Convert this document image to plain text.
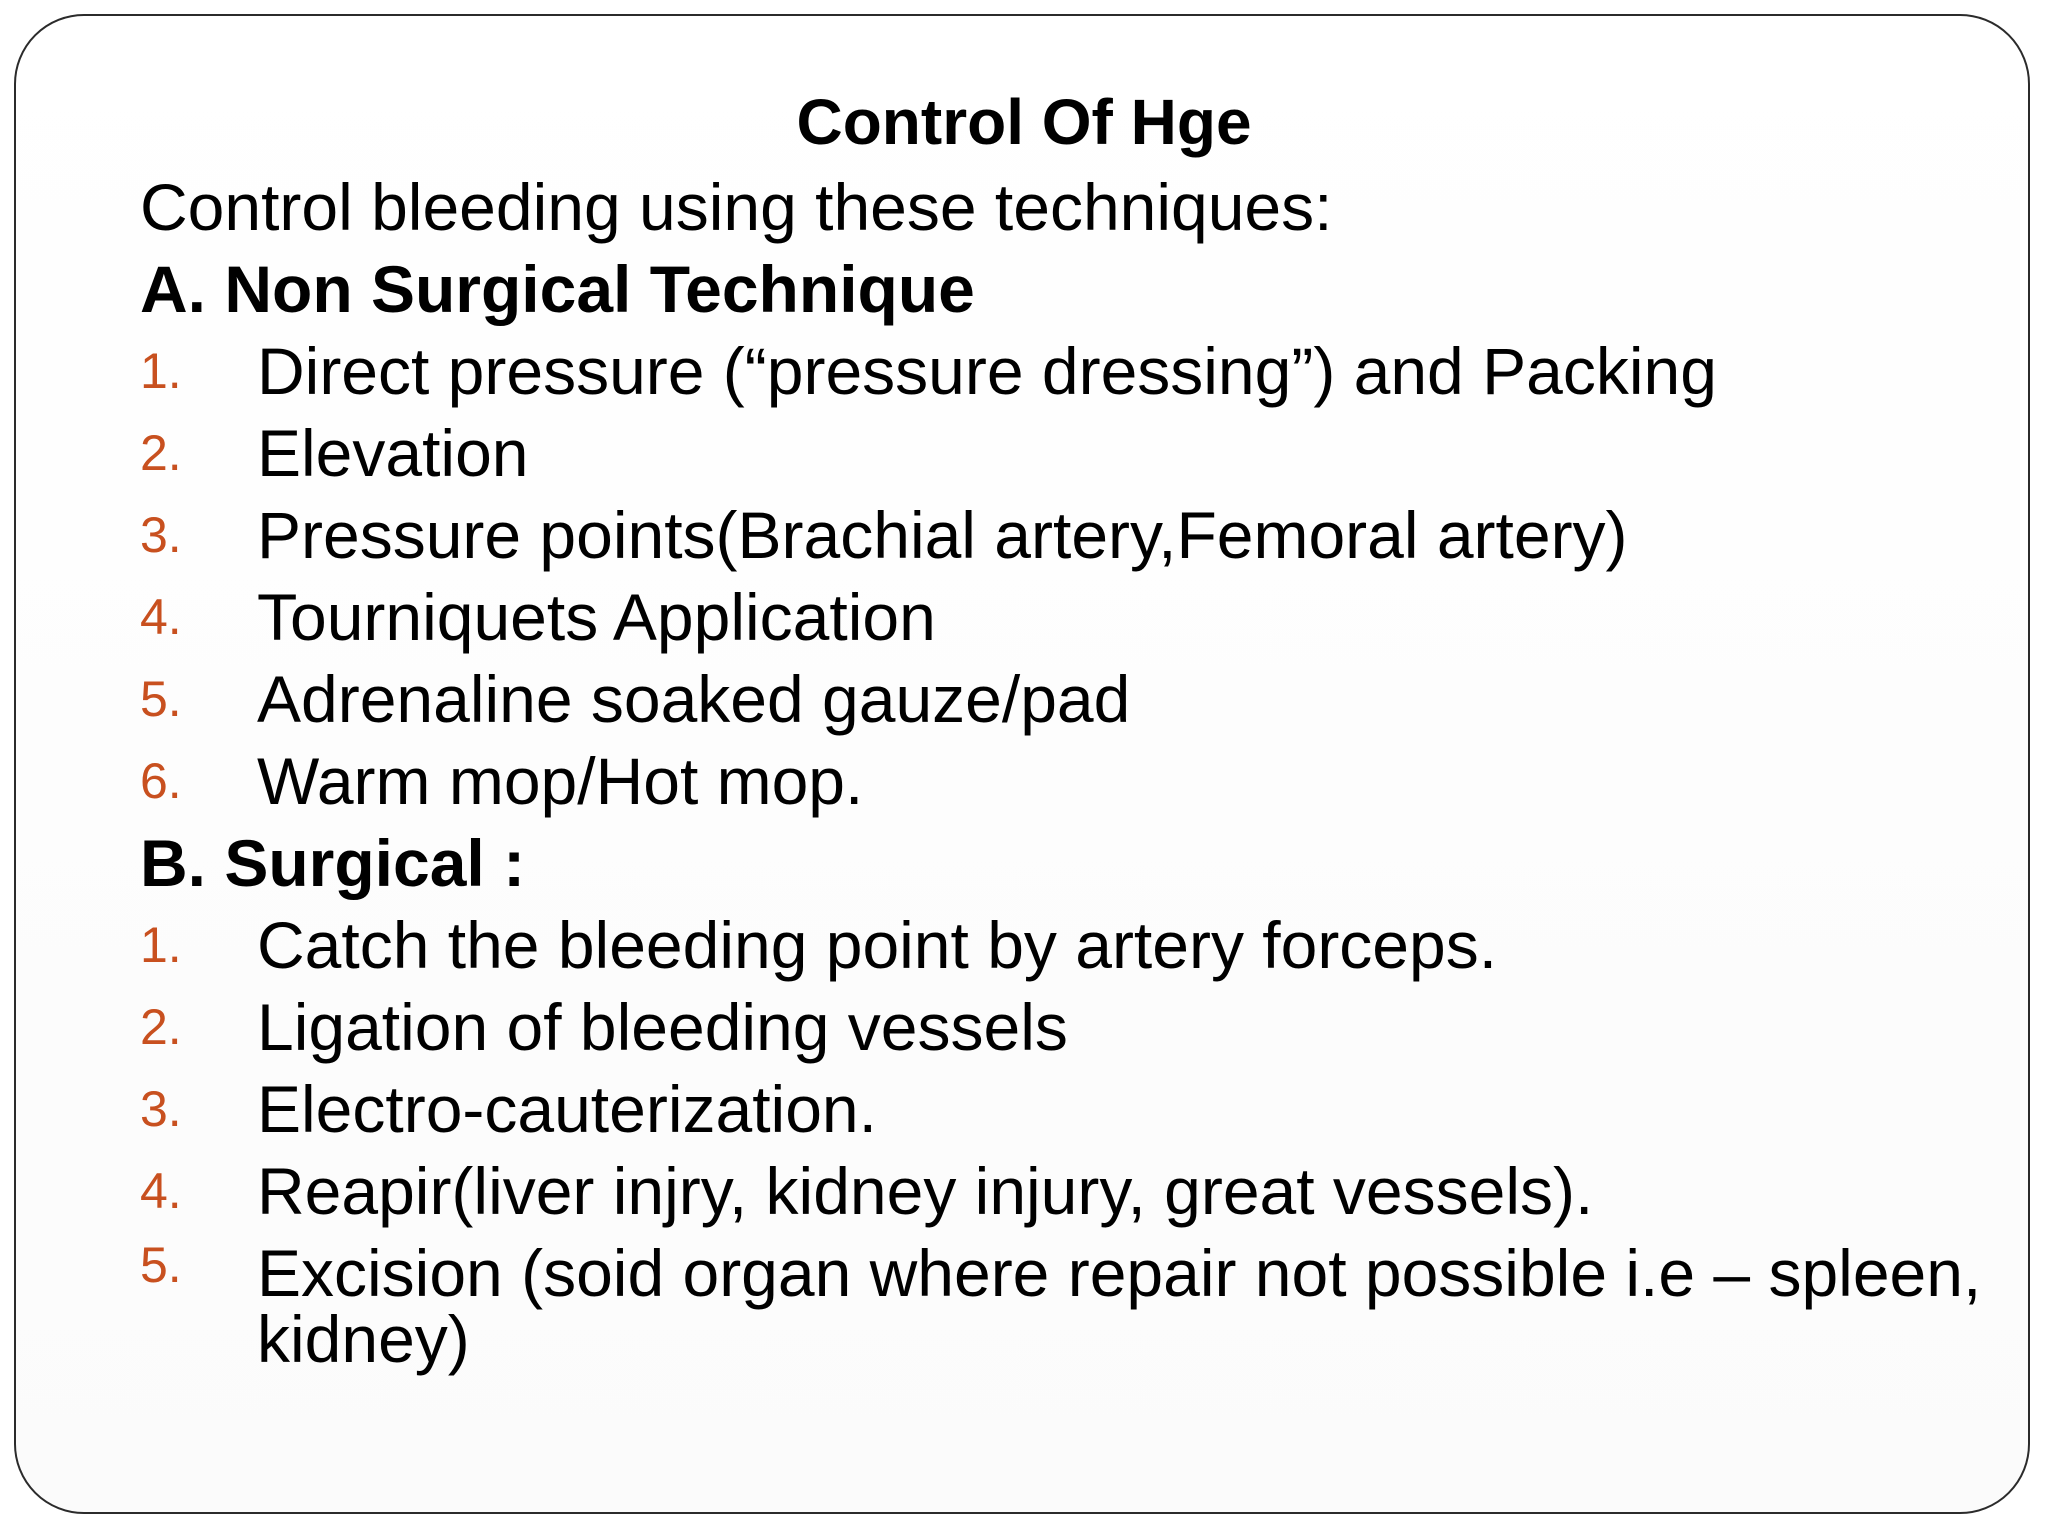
Control Of Hge

Control bleeding using these techniques:

A. Non Surgical Technique

1. Direct pressure (“pressure dressing”) and Packing
2. Elevation
3. Pressure points(Brachial artery,Femoral artery)
4. Tourniquets Application
5. Adrenaline soaked gauze/pad
6. Warm mop/Hot mop.

B. Surgical :

1. Catch the bleeding point by artery forceps.
2. Ligation of bleeding vessels
3. Electro-cauterization.
4. Reapir(liver injry, kidney injury, great vessels).
5. Excision (soid organ where repair not possible i.e – spleen, kidney)
